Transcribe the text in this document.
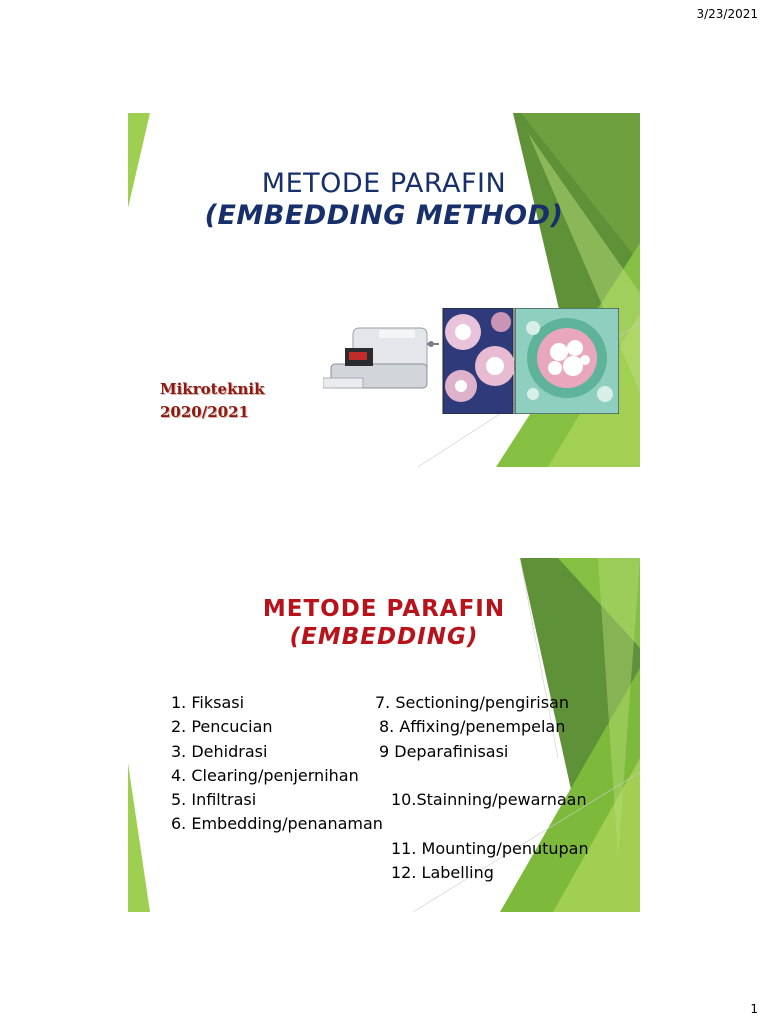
3/23/2021
METODE PARAFIN
(EMBEDDING METHOD)
Mikroteknik
2020/2021
METODE PARAFIN
(EMBEDDING)
1. Fiksasi
2. Pencucian
3. Dehidrasi
4. Clearing/penjernihan
5. Infiltrasi
6. Embedding/penanaman
7. Sectioning/pengirisan
8. Affixing/penempelan
9 Deparafinisasi
10.Stainning/pewarnaan
11. Mounting/penutupan
12. Labelling
1
